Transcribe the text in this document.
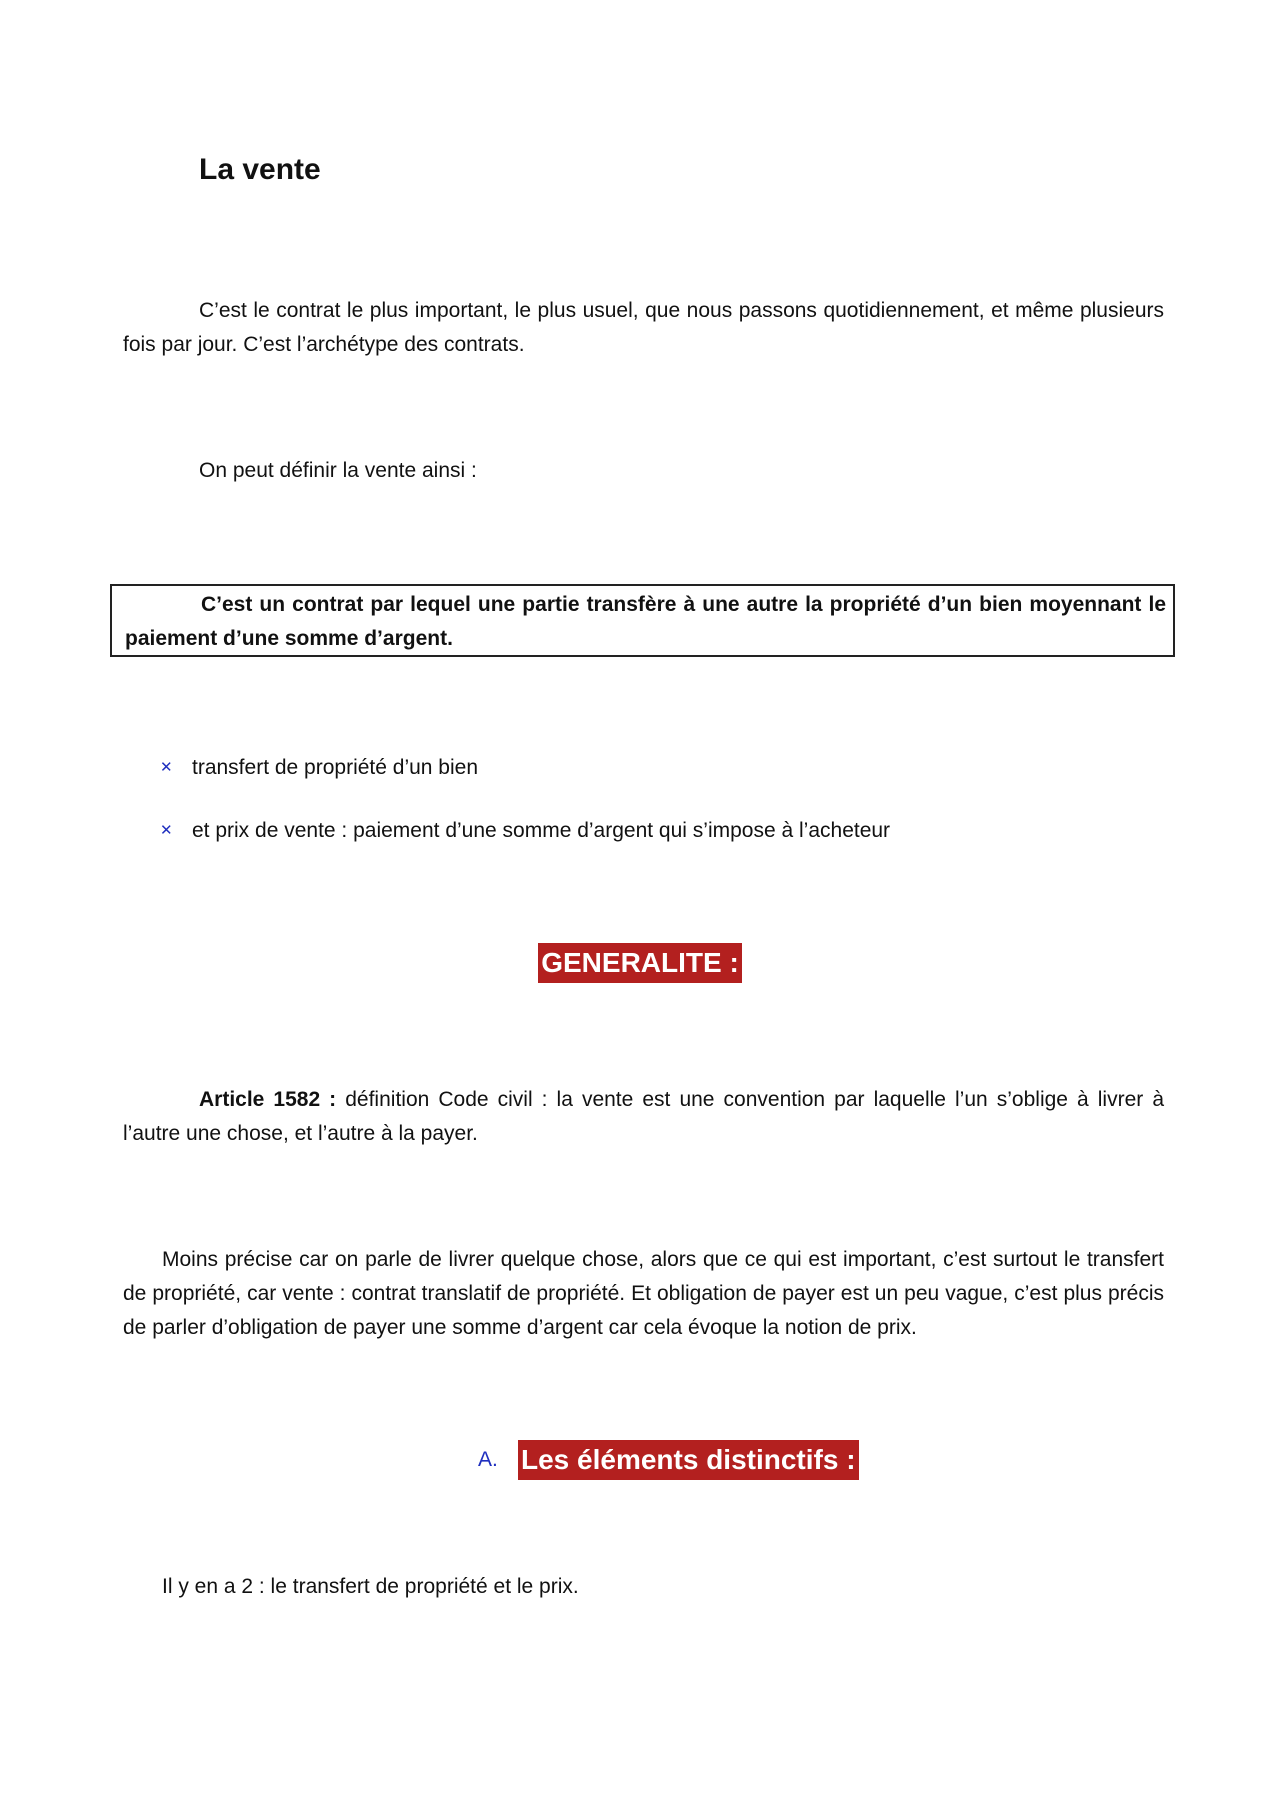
La vente

C’est le contrat le plus important, le plus usuel, que nous passons quotidiennement, et même plusieurs fois par jour. C’est l’archétype des contrats.

On peut définir la vente ainsi :

C’est un contrat par lequel une partie transfère à une autre la propriété d’un bien moyennant le paiement d’une somme d’argent.

✕ transfert de propriété d’un bien
✕ et prix de vente : paiement d’une somme d’argent qui s’impose à l’acheteur
GENERALITE :

Article 1582 : définition Code civil : la vente est une convention par laquelle l’un s’oblige à livrer à l’autre une chose, et l’autre à la payer.

Moins précise car on parle de livrer quelque chose, alors que ce qui est important, c’est surtout le transfert de propriété, car vente : contrat translatif de propriété. Et obligation de payer est un peu vague, c’est plus précis de parler d’obligation de payer une somme d’argent car cela évoque la notion de prix.

A. Les éléments distinctifs :

Il y en a 2 : le transfert de propriété et le prix.
